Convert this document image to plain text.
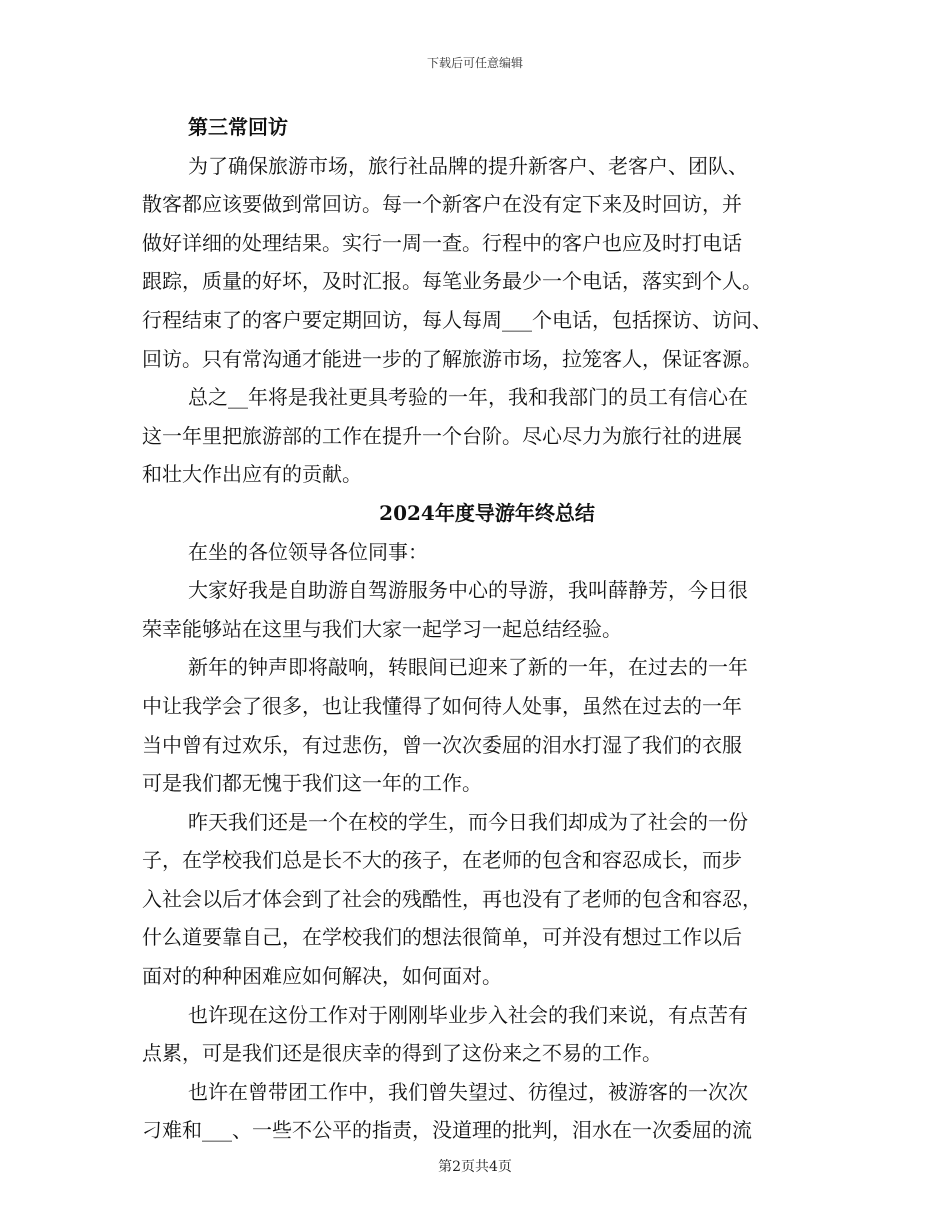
下载后可任意编辑
第三常回访
为了确保旅游市场，旅行社品牌的提升新客户、老客户、团队、
散客都应该要做到常回访。每一个新客户在没有定下来及时回访，并
做好详细的处理结果。实行一周一查。行程中的客户也应及时打电话
跟踪，质量的好坏，及时汇报。每笔业务最少一个电话，落实到个人。
行程结束了的客户要定期回访，每人每周___个电话，包括探访、访问、
回访。只有常沟通才能进一步的了解旅游市场，拉笼客人，保证客源。
总之__年将是我社更具考验的一年，我和我部门的员工有信心在
这一年里把旅游部的工作在提升一个台阶。尽心尽力为旅行社的进展
和壮大作出应有的贡献。
2024年度导游年终总结
在坐的各位领导各位同事：
大家好我是自助游自驾游服务中心的导游，我叫薛静芳，今日很
荣幸能够站在这里与我们大家一起学习一起总结经验。
新年的钟声即将敲响，转眼间已迎来了新的一年，在过去的一年
中让我学会了很多，也让我懂得了如何待人处事，虽然在过去的一年
当中曾有过欢乐，有过悲伤，曾一次次委屈的泪水打湿了我们的衣服
可是我们都无愧于我们这一年的工作。
昨天我们还是一个在校的学生，而今日我们却成为了社会的一份
子，在学校我们总是长不大的孩子，在老师的包含和容忍成长，而步
入社会以后才体会到了社会的残酷性，再也没有了老师的包含和容忍，
什么道要靠自己，在学校我们的想法很简单，可并没有想过工作以后
面对的种种困难应如何解决，如何面对。
也许现在这份工作对于刚刚毕业步入社会的我们来说，有点苦有
点累，可是我们还是很庆幸的得到了这份来之不易的工作。
也许在曾带团工作中，我们曾失望过、彷徨过，被游客的一次次
刁难和___、一些不公平的指责，没道理的批判，泪水在一次委屈的流
第2页共4页
